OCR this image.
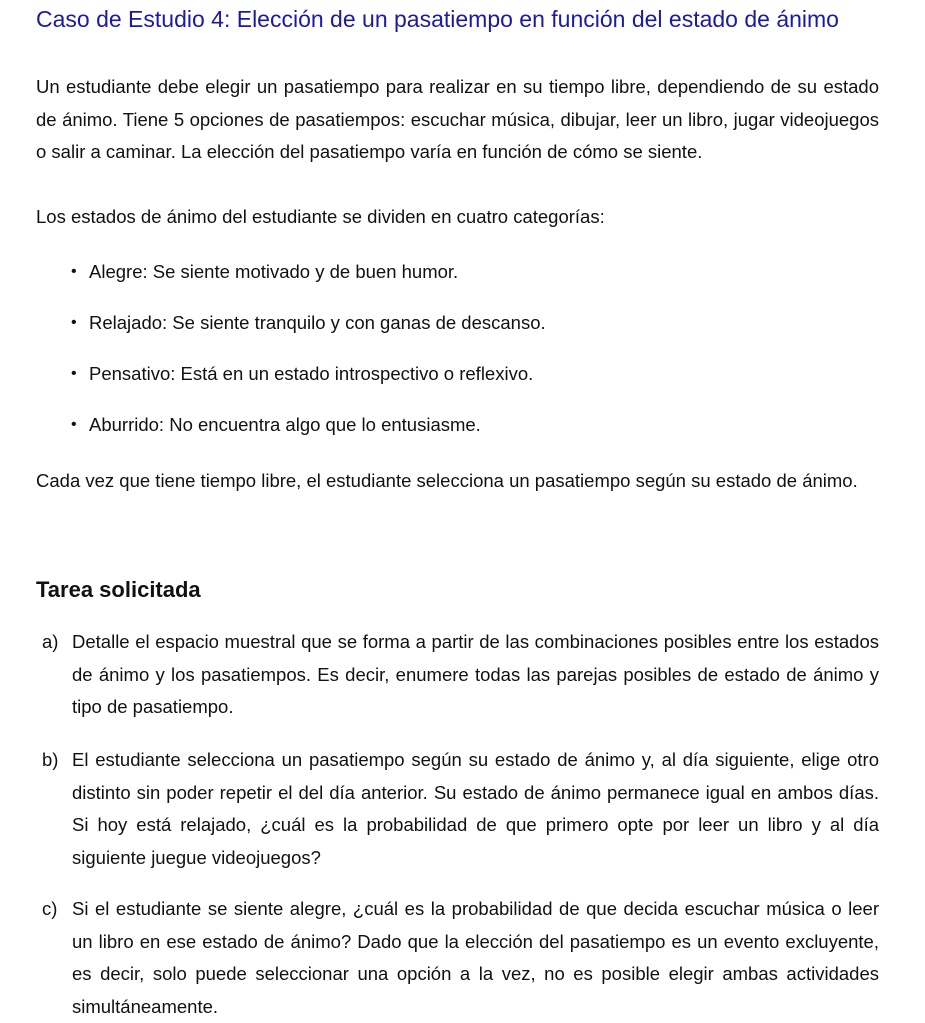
Caso de Estudio 4: Elección de un pasatiempo en función del estado de ánimo

Un estudiante debe elegir un pasatiempo para realizar en su tiempo libre, dependiendo de su estado de ánimo. Tiene 5 opciones de pasatiempos: escuchar música, dibujar, leer un libro, jugar videojuegos o salir a caminar. La elección del pasatiempo varía en función de cómo se siente.

Los estados de ánimo del estudiante se dividen en cuatro categorías:

• Alegre: Se siente motivado y de buen humor.
• Relajado: Se siente tranquilo y con ganas de descanso.
• Pensativo: Está en un estado introspectivo o reflexivo.
• Aburrido: No encuentra algo que lo entusiasme.

Cada vez que tiene tiempo libre, el estudiante selecciona un pasatiempo según su estado de ánimo.

Tarea solicitada
a) Detalle el espacio muestral que se forma a partir de las combinaciones posibles entre los estados de ánimo y los pasatiempos. Es decir, enumere todas las parejas posibles de estado de ánimo y tipo de pasatiempo.
b) El estudiante selecciona un pasatiempo según su estado de ánimo y, al día siguiente, elige otro distinto sin poder repetir el del día anterior. Su estado de ánimo permanece igual en ambos días. Si hoy está relajado, ¿cuál es la probabilidad de que primero opte por leer un libro y al día siguiente juegue videojuegos?
c) Si el estudiante se siente alegre, ¿cuál es la probabilidad de que decida escuchar música o leer un libro en ese estado de ánimo? Dado que la elección del pasatiempo es un evento excluyente, es decir, solo puede seleccionar una opción a la vez, no es posible elegir ambas actividades simultáneamente.
